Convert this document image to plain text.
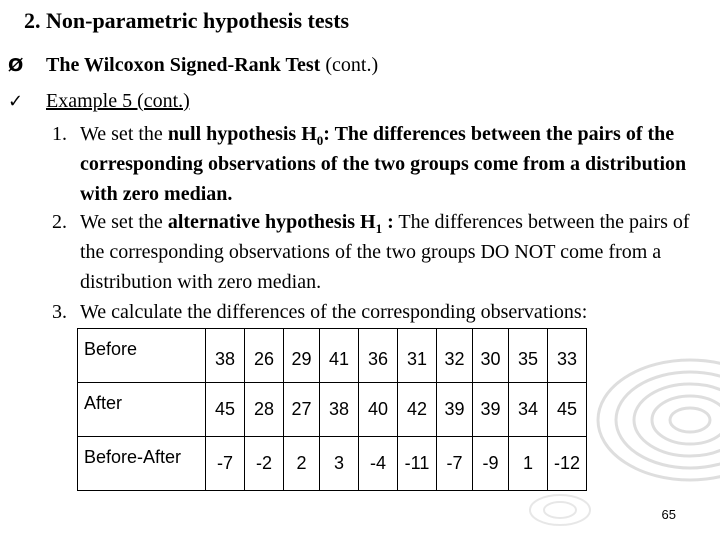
2. Non-parametric hypothesis tests
Ø The Wilcoxon Signed-Rank Test (cont.)
✓ Example 5 (cont.)
1. We set the null hypothesis $H_0$: The differences between the pairs of the corresponding observations of the two groups come from a distribution with zero median.
2. We set the alternative hypothesis $H_1$ : The differences between the pairs of the corresponding observations of the two groups DO NOT come from a distribution with zero median.
3. We calculate the differences of the corresponding observations:
Before	38	26	29	41	36	31	32	30	35	33
After	45	28	27	38	40	42	39	39	34	45
Before-After	-7	-2	2	3	-4	-11	-7	-9	1	-12
65
